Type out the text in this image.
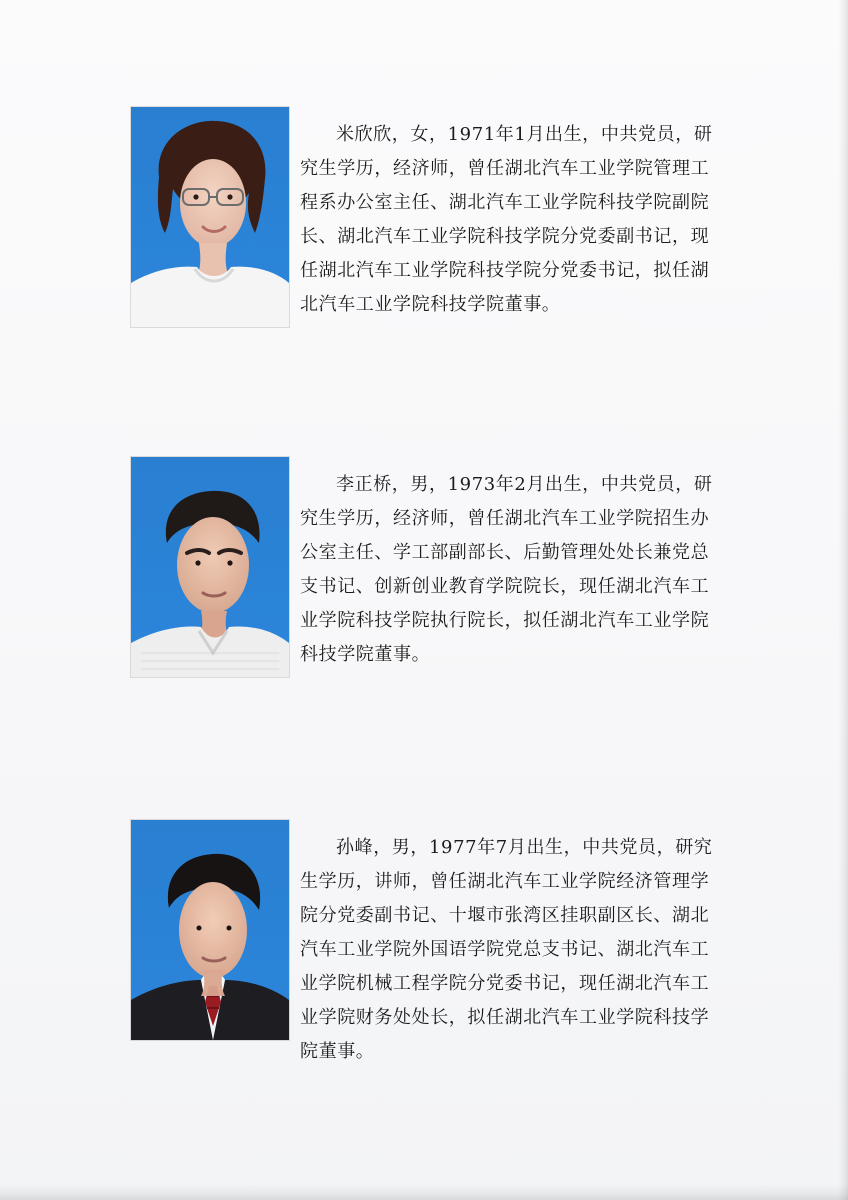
米欣欣，女，1971年1月出生，中共党员，研究生学历，经济师，曾任湖北汽车工业学院管理工程系办公室主任、湖北汽车工业学院科技学院副院长、湖北汽车工业学院科技学院分党委副书记，现任湖北汽车工业学院科技学院分党委书记，拟任湖北汽车工业学院科技学院董事。
李正桥，男，1973年2月出生，中共党员，研究生学历，经济师，曾任湖北汽车工业学院招生办公室主任、学工部副部长、后勤管理处处长兼党总支书记、创新创业教育学院院长，现任湖北汽车工业学院科技学院执行院长，拟任湖北汽车工业学院科技学院董事。
孙峰，男，1977年7月出生，中共党员，研究生学历，讲师，曾任湖北汽车工业学院经济管理学院分党委副书记、十堰市张湾区挂职副区长、湖北汽车工业学院外国语学院党总支书记、湖北汽车工业学院机械工程学院分党委书记，现任湖北汽车工业学院财务处处长，拟任湖北汽车工业学院科技学院董事。
